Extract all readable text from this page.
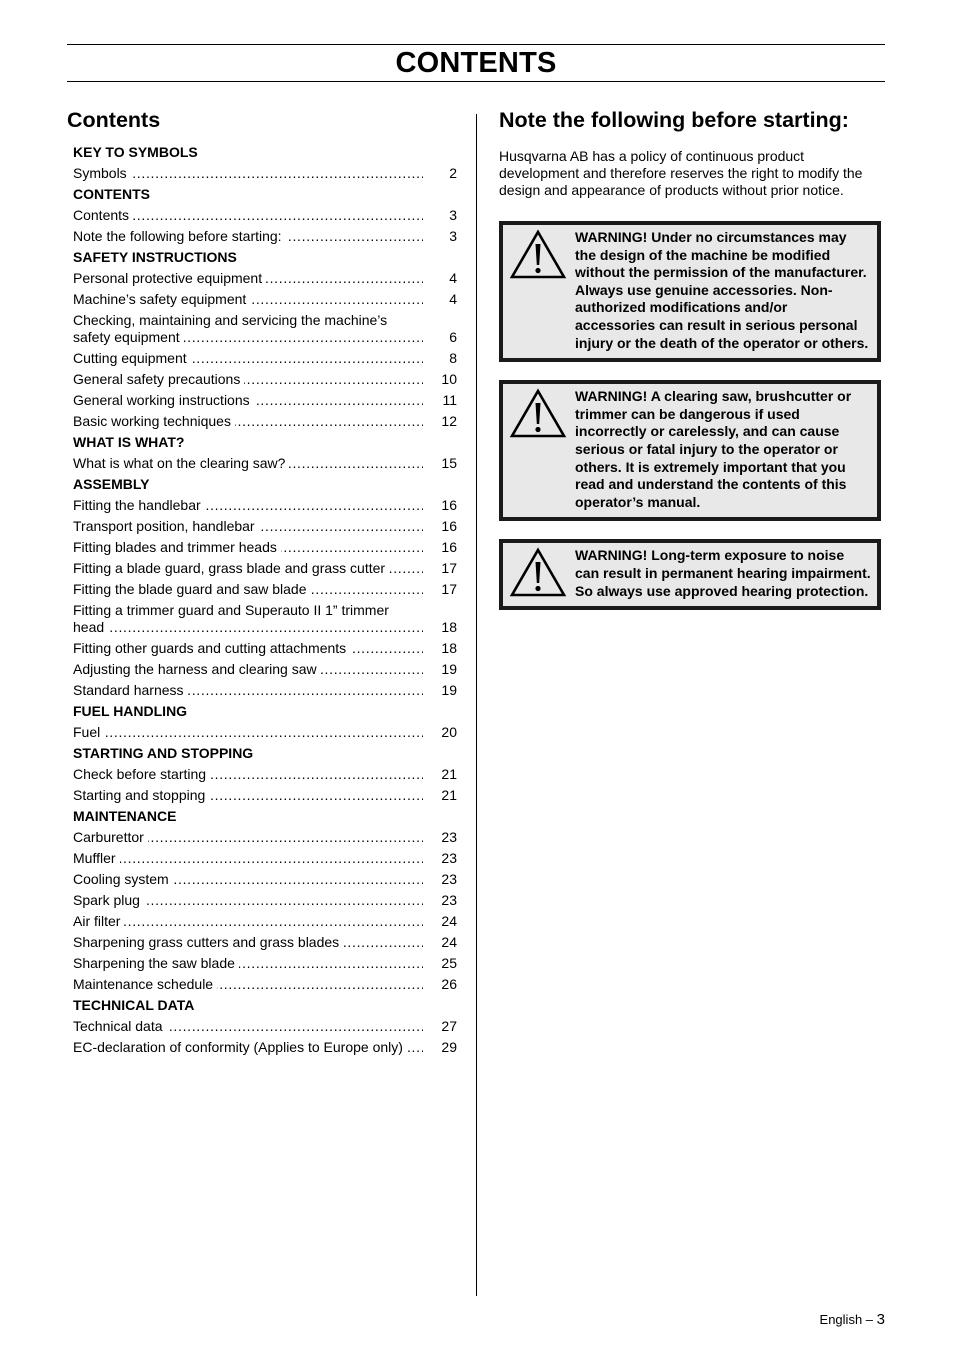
CONTENTS
Contents
KEY TO SYMBOLS
Symbols . . .	2
CONTENTS
Contents . . .	3
Note the following before starting: . . .	3
SAFETY INSTRUCTIONS
Personal protective equipment . . .	4
Machine’s safety equipment . . .	4
Checking, maintaining and servicing the machine’s
safety equipment . . .	6
Cutting equipment . . .	8
General safety precautions . . .	10
General working instructions . . .	11
Basic working techniques . . .	12
WHAT IS WHAT?
What is what on the clearing saw? . . .	15
ASSEMBLY
Fitting the handlebar . . .	16
Transport position, handlebar . . .	16
Fitting blades and trimmer heads . . .	16
Fitting a blade guard, grass blade and grass cutter . . .	17
Fitting the blade guard and saw blade . . .	17
Fitting a trimmer guard and Superauto II 1” trimmer
head . . .	18
Fitting other guards and cutting attachments . . .	18
Adjusting the harness and clearing saw . . .	19
Standard harness . . .	19
FUEL HANDLING
Fuel . . .	20
STARTING AND STOPPING
Check before starting . . .	21
Starting and stopping . . .	21
MAINTENANCE
Carburettor . . .	23
Muffler . . .	23
Cooling system . . .	23
Spark plug . . .	23
Air filter . . .	24
Sharpening grass cutters and grass blades . . .	24
Sharpening the saw blade . . .	25
Maintenance schedule . . .	26
TECHNICAL DATA
Technical data . . .	27
EC-declaration of conformity (Applies to Europe only) . . .	29
Note the following before starting:
Husqvarna AB has a policy of continuous product development and therefore reserves the right to modify the design and appearance of products without prior notice.
WARNING! Under no circumstances may the design of the machine be modified without the permission of the manufacturer. Always use genuine accessories. Non-authorized modifications and/or accessories can result in serious personal injury or the death of the operator or others.
WARNING! A clearing saw, brushcutter or trimmer can be dangerous if used incorrectly or carelessly, and can cause serious or fatal injury to the operator or others. It is extremely important that you read and understand the contents of this operator’s manual.
WARNING! Long-term exposure to noise can result in permanent hearing impairment. So always use approved hearing protection.
English – 3
